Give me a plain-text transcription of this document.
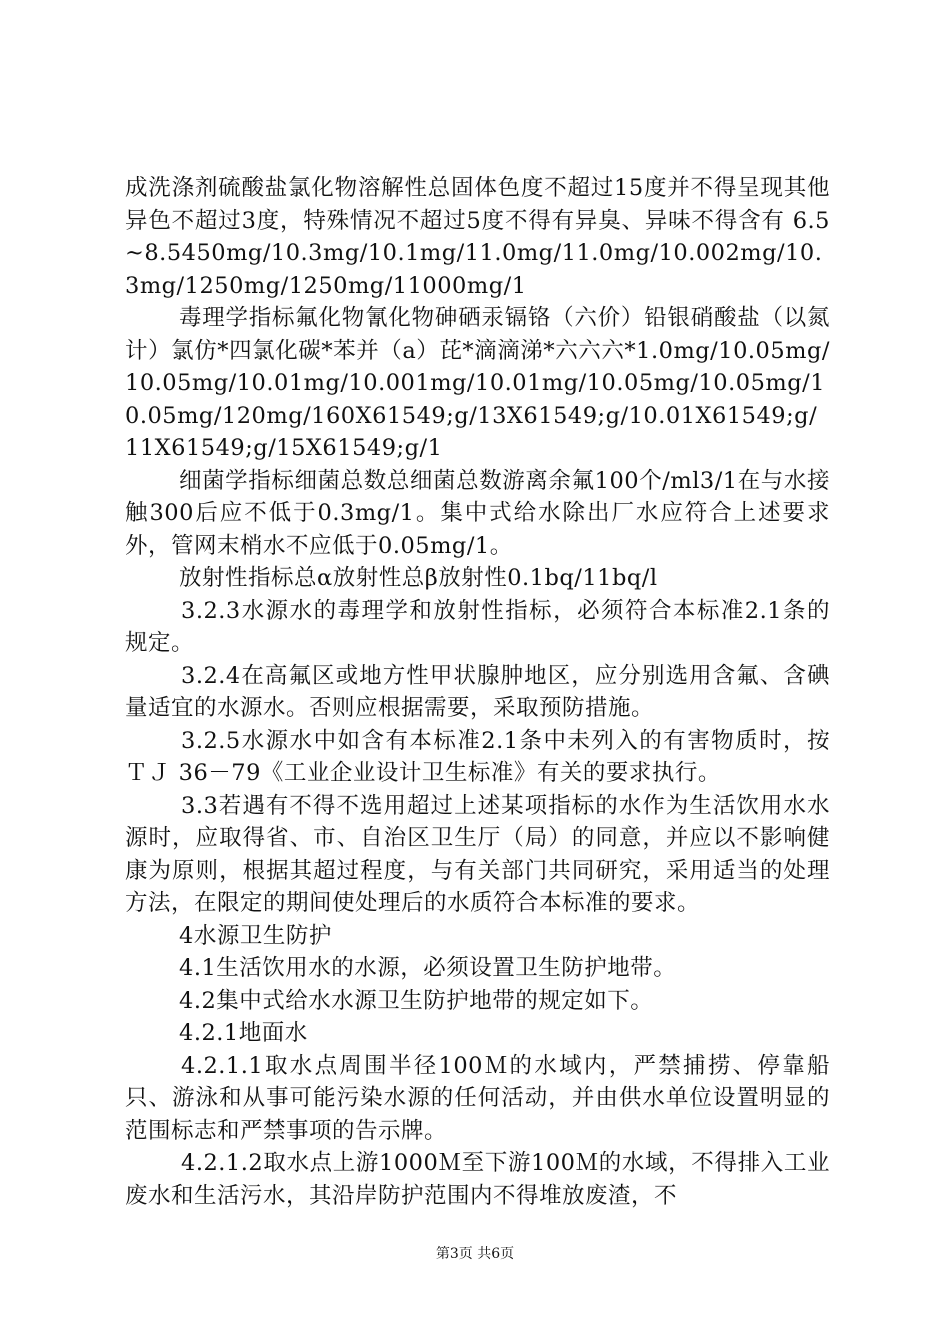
成洗涤剂硫酸盐氯化物溶解性总固体色度不超过15度并不得呈现其他异色不超过3度，特殊情况不超过5度不得有异臭、异味不得含有 6.5~8.5450mg/10.3mg/10.1mg/11.0mg/11.0mg/10.002mg/10.3mg/1250mg/1250mg/11000mg/1

毒理学指标氟化物氰化物砷硒汞镉铬（六价）铅银硝酸盐（以氮计）氯仿*四氯化碳*苯并（a）芘*滴滴涕*六六六*1.0mg/10.05mg/10.05mg/10.01mg/10.001mg/10.01mg/10.05mg/10.05mg/10.05mg/120mg/160X61549;g/13X61549;g/10.01X61549;g/11X61549;g/15X61549;g/1

细菌学指标细菌总数总细菌总数游离余氟100个/ml3/1在与水接触300后应不低于0.3mg/1。集中式给水除出厂水应符合上述要求外，管网末梢水不应低于0.05mg/1。

放射性指标总α放射性总β放射性0.1bq/11bq/l

3.2.3水源水的毒理学和放射性指标，必须符合本标准2.1条的规定。

3.2.4在高氟区或地方性甲状腺肿地区，应分别选用含氟、含碘量适宜的水源水。否则应根据需要，采取预防措施。

3.2.5水源水中如含有本标准2.1条中未列入的有害物质时，按ＴＪ 36－79《工业企业设计卫生标准》有关的要求执行。

3.3若遇有不得不选用超过上述某项指标的水作为生活饮用水水源时，应取得省、市、自治区卫生厅（局）的同意，并应以不影响健康为原则，根据其超过程度，与有关部门共同研究，采用适当的处理方法，在限定的期间使处理后的水质符合本标准的要求。

4水源卫生防护

4.1生活饮用水的水源，必须设置卫生防护地带。

4.2集中式给水水源卫生防护地带的规定如下。

4.2.1地面水

4.2.1.1取水点周围半径100Ｍ的水域内，严禁捕捞、停靠船只、游泳和从事可能污染水源的任何活动，并由供水单位设置明显的范围标志和严禁事项的告示牌。

4.2.1.2取水点上游1000Ｍ至下游100Ｍ的水域，不得排入工业废水和生活污水，其沿岸防护范围内不得堆放废渣，不

第3页 共6页
